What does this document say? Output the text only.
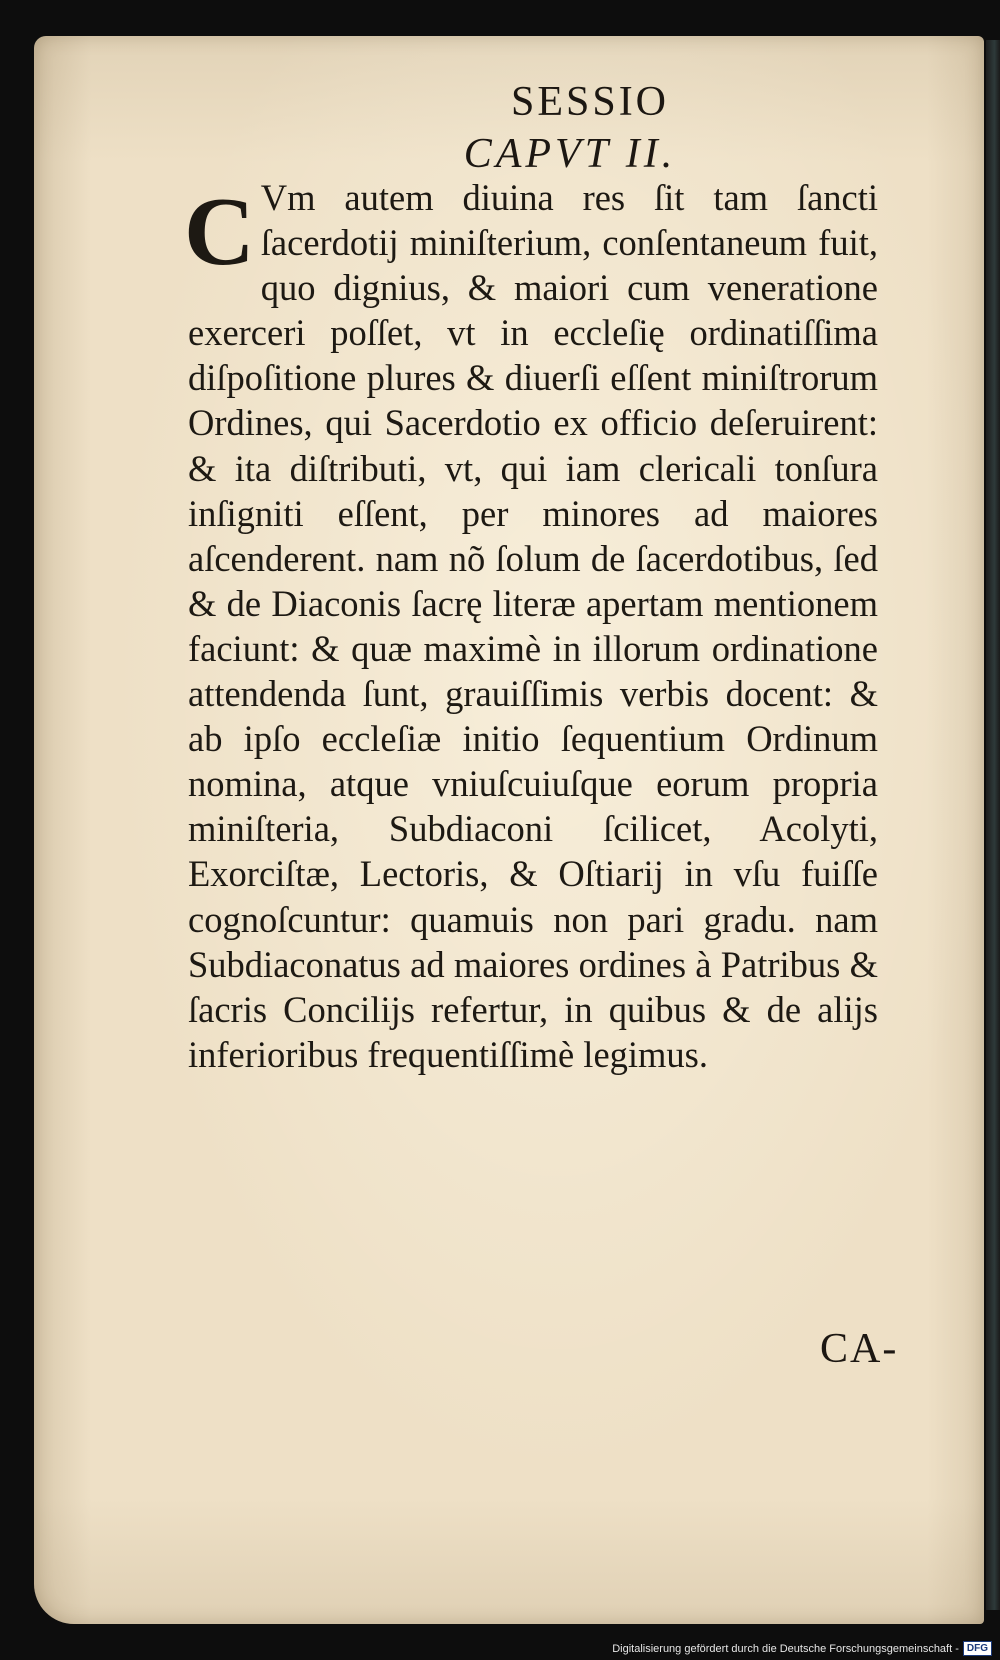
SESSIO
CAPVT II.
C Vm autem diuina res ſit tam ſancti ſacerdotij miniſterium, conſentaneum fuit, quo dignius, & maiori cum veneratione exerceri poſſet, vt in eccleſię ordinatiſſima diſpoſitione plures & diuerſi eſſent miniſtrorum Ordines, qui Sacerdotio ex officio deſeruirent: & ita diſtributi, vt, qui iam clericali tonſura inſigniti eſſent, per minores ad maiores aſcenderent. nam nõ ſolum de ſacerdotibus, ſed & de Diaconis ſacrę literæ apertam mentionem faciunt: & quæ maximè in illorum ordinatione attendenda ſunt, grauiſſimis verbis docent: & ab ipſo eccleſiæ initio ſequentium Ordinum nomina, atque vniuſcuiuſque eorum propria miniſteria, Subdiaconi ſcilicet, Acolyti, Exorciſtæ, Lectoris, & Oſtiarij in vſu fuiſſe cognoſcuntur: quamuis non pari gradu. nam Subdiaconatus ad maiores ordines à Patribus & ſacris Concilijs refertur, in quibus & de alijs inferioribus frequentiſſimè legimus.
CA-
Digitalisierung gefördert durch die Deutsche Forschungsgemeinschaft - DFG
